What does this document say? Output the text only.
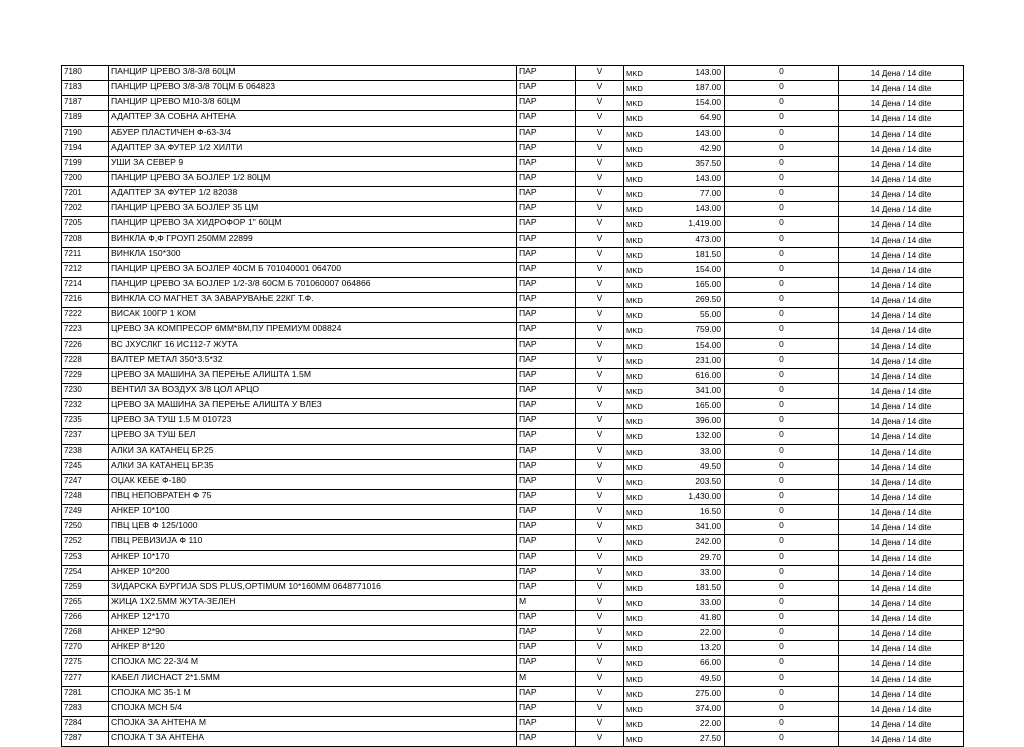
7180	ПАНЦИР ЦРЕВО 3/8-3/8 60ЦМ	ПАР	V	MKD	143.00	0	14 Дена / 14 dite
7183	ПАНЦИР ЦРЕВО 3/8-3/8 70ЦМ Б 064823	ПАР	V	MKD	187.00	0	14 Дена / 14 dite
7187	ПАНЦИР ЦРЕВО М10-3/8 60ЦМ	ПАР	V	MKD	154.00	0	14 Дена / 14 dite
7189	АДАПТЕР ЗА СОБНА АНТЕНА	ПАР	V	MKD	64.90	0	14 Дена / 14 dite
7190	АБУЕР ПЛАСТИЧЕН Ф-63-3/4	ПАР	V	MKD	143.00	0	14 Дена / 14 dite
7194	АДАПТЕР ЗА ФУТЕР 1/2 ХИЛТИ	ПАР	V	MKD	42.90	0	14 Дена / 14 dite
7199	УШИ ЗА СЕВЕР 9	ПАР	V	MKD	357.50	0	14 Дена / 14 dite
7200	ПАНЦИР ЦРЕВО ЗА БОЈЛЕР 1/2 80ЦМ	ПАР	V	MKD	143.00	0	14 Дена / 14 dite
7201	АДАПТЕР ЗА ФУТЕР 1/2 82038	ПАР	V	MKD	77.00	0	14 Дена / 14 dite
7202	ПАНЦИР ЦРЕВО ЗА БОЈЛЕР 35 ЦМ	ПАР	V	MKD	143.00	0	14 Дена / 14 dite
7205	ПАНЦИР ЦРЕВО ЗА ХИДРОФОР 1" 60ЦМ	ПАР	V	MKD	1,419.00	0	14 Дена / 14 dite
7208	ВИНКЛА Ф,Ф ГРОУП 250ММ 22899	ПАР	V	MKD	473.00	0	14 Дена / 14 dite
7211	ВИНКЛА 150*300	ПАР	V	MKD	181.50	0	14 Дена / 14 dite
7212	ПАНЦИР ЦРЕВО ЗА БОЈЛЕР 40СМ Б 701040001 064700	ПАР	V	MKD	154.00	0	14 Дена / 14 dite
7214	ПАНЦИР ЦРЕВО ЗА БОЈЛЕР 1/2-3/8 60СМ Б 701060007 064866	ПАР	V	MKD	165.00	0	14 Дена / 14 dite
7216	ВИНКЛА СО МАГНЕТ ЗА ЗАВАРУВАЊЕ 22КГ Т.Ф.	ПАР	V	MKD	269.50	0	14 Дена / 14 dite
7222	ВИСАК 100ГР 1 КОМ	ПАР	V	MKD	55.00	0	14 Дена / 14 dite
7223	ЦРЕВО ЗА КОМПРЕСОР 6ММ*8М,ПУ ПРЕМИУМ 008824	ПАР	V	MKD	759.00	0	14 Дена / 14 dite
7226	ВС ЈХУСЛКГ 16 ИС112-7 ЖУТА	ПАР	V	MKD	154.00	0	14 Дена / 14 dite
7228	ВАЛТЕР МЕТАЛ 350*3.5*32	ПАР	V	MKD	231.00	0	14 Дена / 14 dite
7229	ЦРЕВО ЗА МАШИНА ЗА ПЕРЕЊЕ АЛИШТА 1.5М	ПАР	V	MKD	616.00	0	14 Дена / 14 dite
7230	ВЕНТИЛ ЗА ВОЗДУХ 3/8 ЦОЛ АРЦО	ПАР	V	MKD	341.00	0	14 Дена / 14 dite
7232	ЦРЕВО ЗА МАШИНА ЗА ПЕРЕЊЕ АЛИШТА У ВЛЕЗ	ПАР	V	MKD	165.00	0	14 Дена / 14 dite
7235	ЦРЕВО ЗА ТУШ 1.5 М 010723	ПАР	V	MKD	396.00	0	14 Дена / 14 dite
7237	ЦРЕВО ЗА ТУШ БЕЛ	ПАР	V	MKD	132.00	0	14 Дена / 14 dite
7238	АЛКИ ЗА КАТАНЕЦ БР.25	ПАР	V	MKD	33.00	0	14 Дена / 14 dite
7245	АЛКИ ЗА КАТАНЕЦ БР.35	ПАР	V	MKD	49.50	0	14 Дена / 14 dite
7247	ОЏАК КЕБЕ Ф-180	ПАР	V	MKD	203.50	0	14 Дена / 14 dite
7248	ПВЦ НЕПОВРАТЕН Ф 75	ПАР	V	MKD	1,430.00	0	14 Дена / 14 dite
7249	АНКЕР 10*100	ПАР	V	MKD	16.50	0	14 Дена / 14 dite
7250	ПВЦ ЦЕВ Ф 125/1000	ПАР	V	MKD	341.00	0	14 Дена / 14 dite
7252	ПВЦ РЕВИЗИЈА Ф 110	ПАР	V	MKD	242.00	0	14 Дена / 14 dite
7253	АНКЕР 10*170	ПАР	V	MKD	29.70	0	14 Дена / 14 dite
7254	АНКЕР 10*200	ПАР	V	MKD	33.00	0	14 Дена / 14 dite
7259	ЗИДАРСКА БУРГИЈА SDS PLUS,OPTIMUM 10*160ММ 0648771016	ПАР	V	MKD	181.50	0	14 Дена / 14 dite
7265	ЖИЦА 1Х2.5ММ ЖУТА-ЗЕЛЕН	М	V	MKD	33.00	0	14 Дена / 14 dite
7266	АНКЕР 12*170	ПАР	V	MKD	41.80	0	14 Дена / 14 dite
7268	АНКЕР 12*90	ПАР	V	MKD	22.00	0	14 Дена / 14 dite
7270	АНКЕР 8*120	ПАР	V	MKD	13.20	0	14 Дена / 14 dite
7275	СПОЈКА МС 22-3/4 М	ПАР	V	MKD	66.00	0	14 Дена / 14 dite
7277	КАБЕЛ ЛИСНАСТ 2*1.5ММ	М	V	MKD	49.50	0	14 Дена / 14 dite
7281	СПОЈКА МС 35-1 М	ПАР	V	MKD	275.00	0	14 Дена / 14 dite
7283	СПОЈКА МСН 5/4	ПАР	V	MKD	374.00	0	14 Дена / 14 dite
7284	СПОЈКА ЗА АНТЕНА М	ПАР	V	MKD	22.00	0	14 Дена / 14 dite
7287	СПОЈКА Т ЗА АНТЕНА	ПАР	V	MKD	27.50	0	14 Дена / 14 dite
